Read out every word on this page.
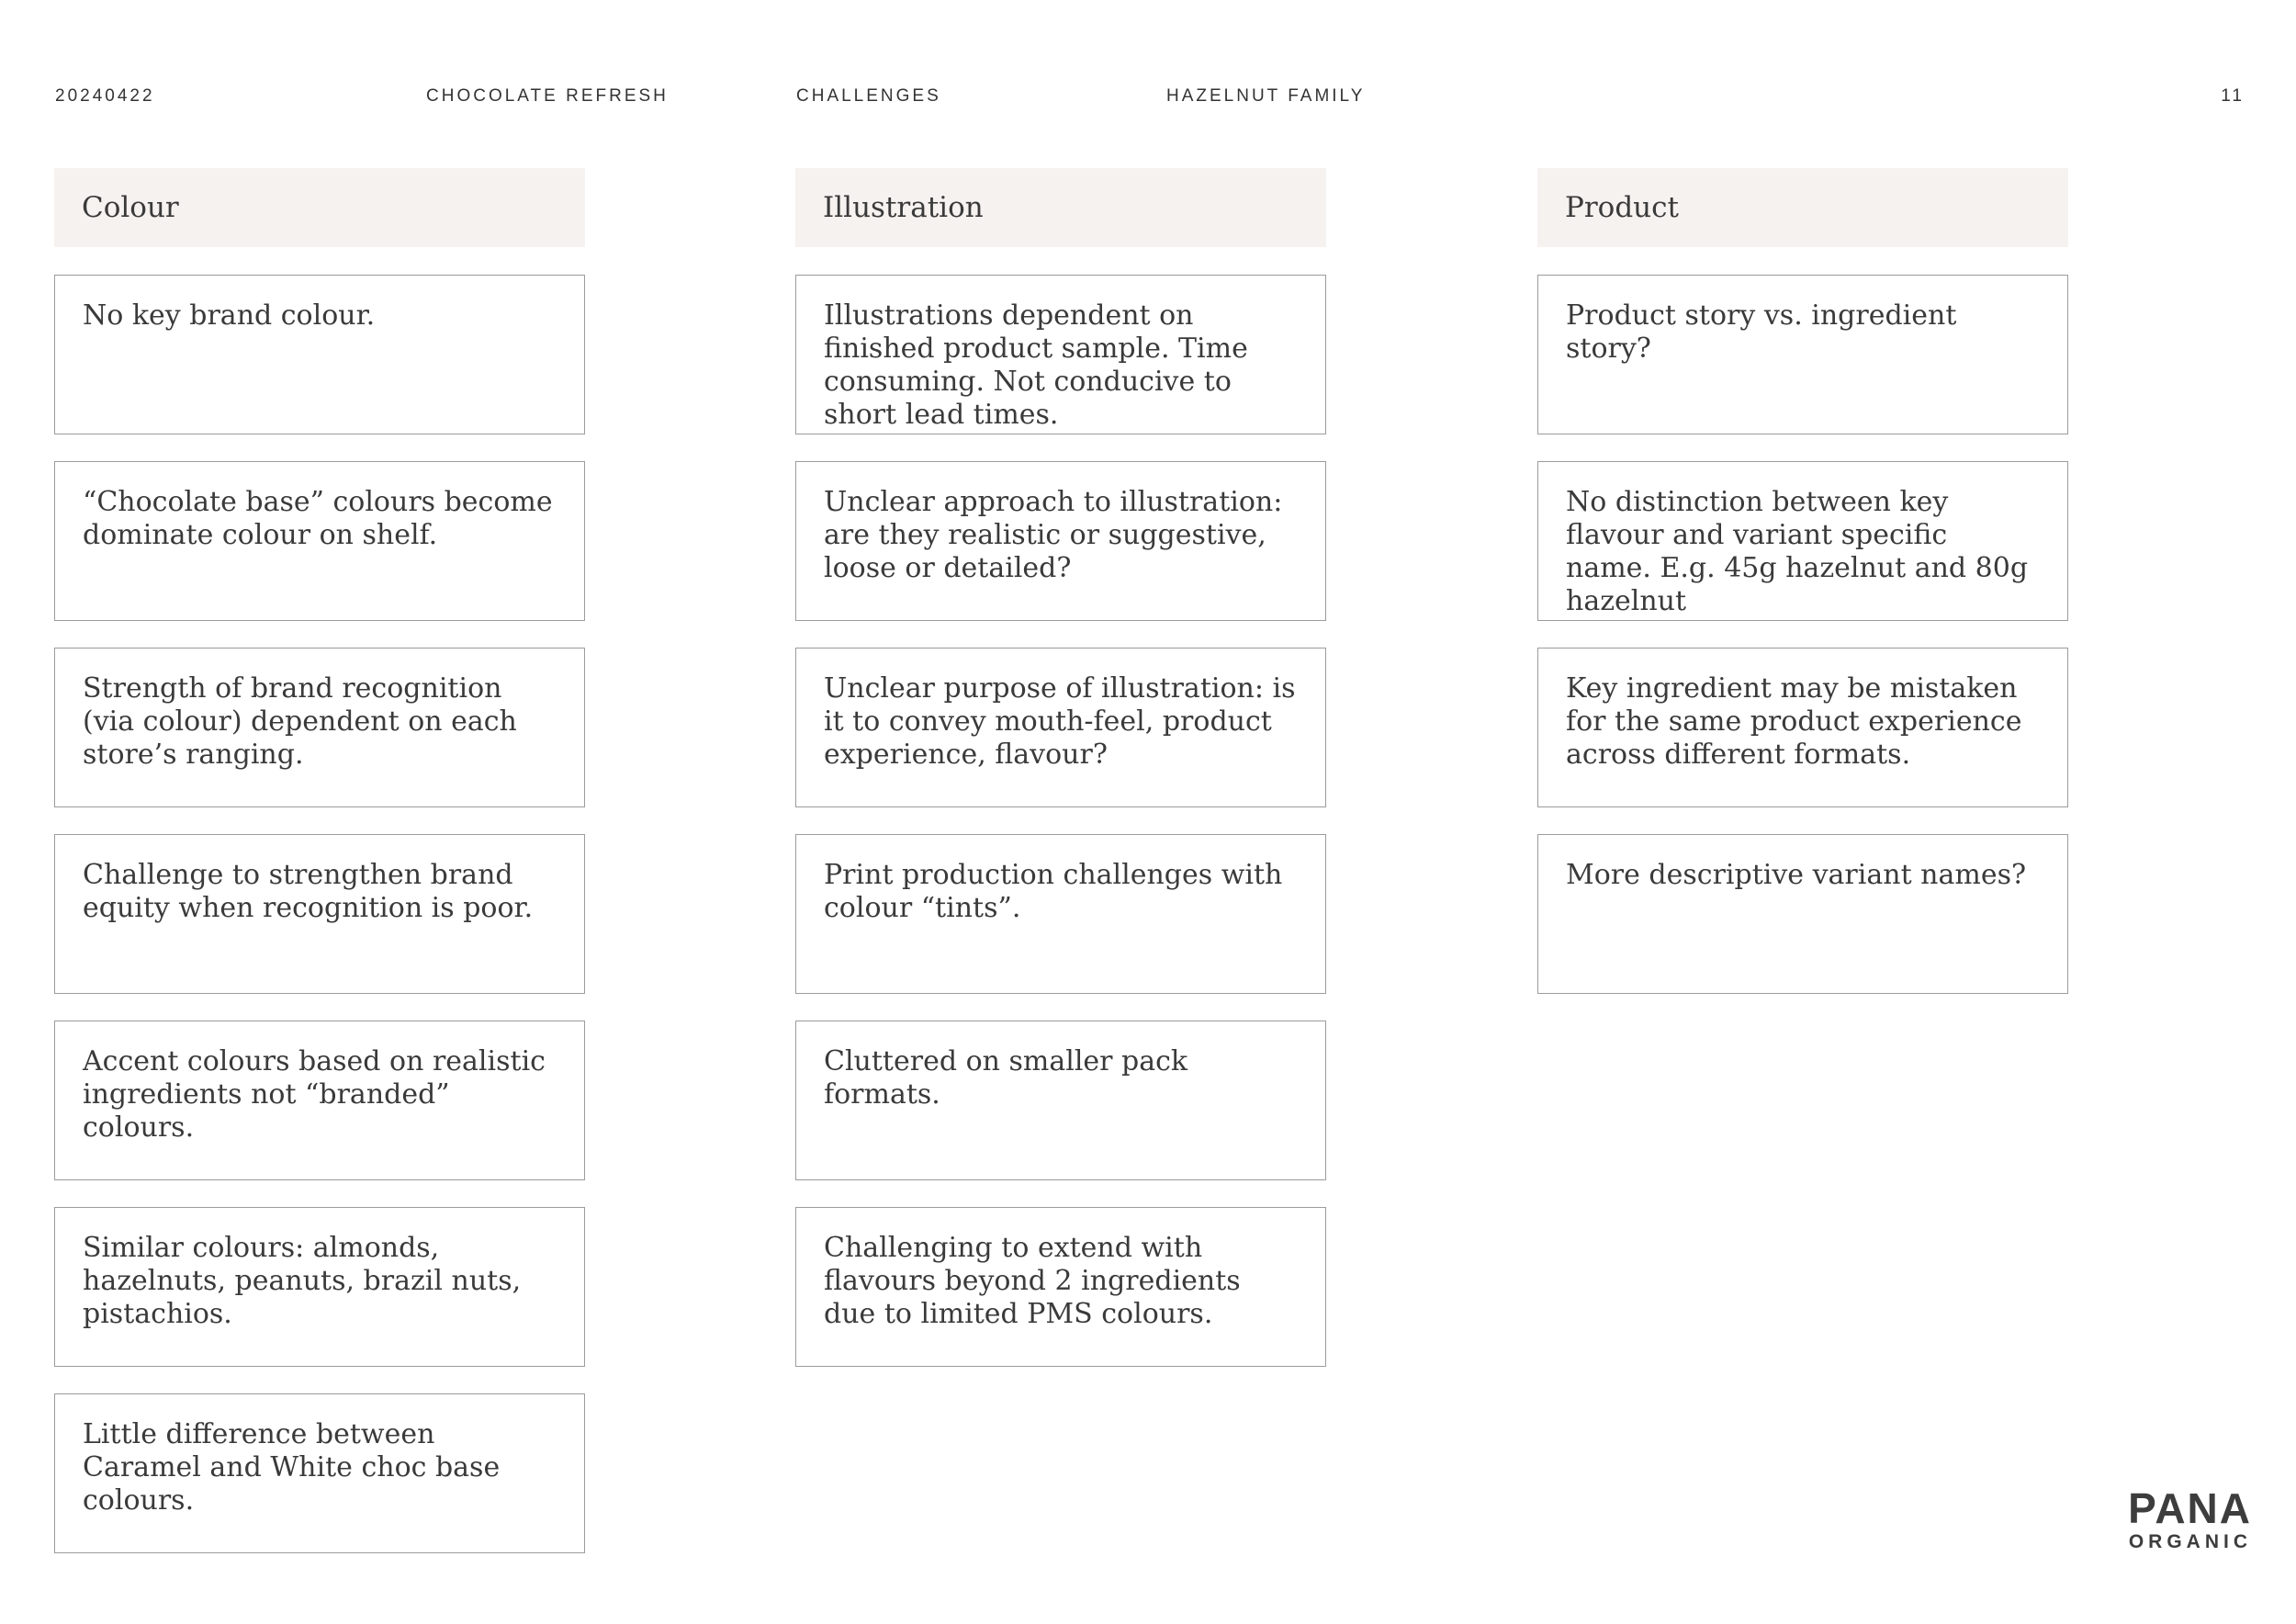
20240422	CHOCOLATE REFRESH	CHALLENGES	HAZELNUT FAMILY	11
Colour
No key brand colour.
“Chocolate base” colours become dominate colour on shelf.
Strength of brand recognition (via colour) dependent on each store’s ranging.
Challenge to strengthen brand equity when recognition is poor.
Accent colours based on realistic ingredients not “branded” colours.
Similar colours: almonds, hazelnuts, peanuts, brazil nuts, pistachios.
Little difference between Caramel and White choc base colours.
Illustration
Illustrations dependent on finished product sample. Time consuming. Not conducive to short lead times.
Unclear approach to illustration: are they realistic or suggestive, loose or detailed?
Unclear purpose of illustration: is it to convey mouth-feel, product experience, flavour?
Print production challenges with colour “tints”.
Cluttered on smaller pack formats.
Challenging to extend with flavours beyond 2 ingredients due to limited PMS colours.
Product
Product story vs. ingredient story?
No distinction between key flavour and variant specific name. E.g. 45g hazelnut and 80g hazelnut
Key ingredient may be mistaken for the same product experience across different formats.
More descriptive variant names?
PANA
ORGANIC
